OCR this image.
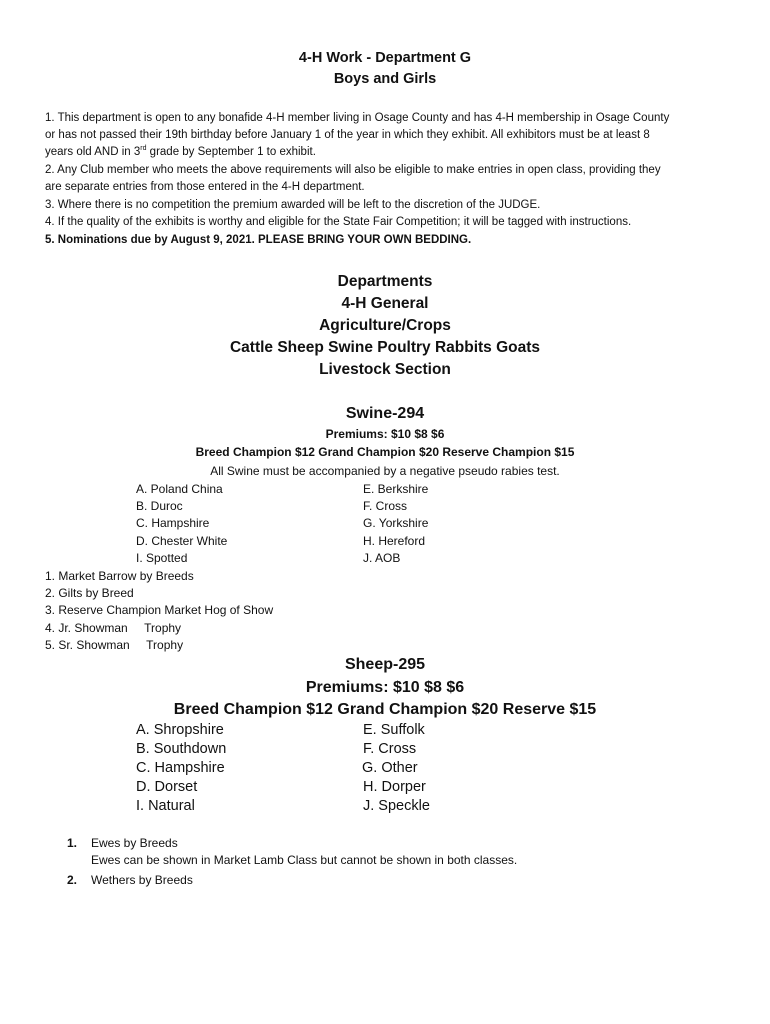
4-H Work - Department G
Boys and Girls
1. This department is open to any bonafide 4-H member living in Osage County and has 4-H membership in Osage County
or has not passed their 19th birthday before January 1 of the year in which they exhibit. All exhibitors must be at least 8
years old AND in 3rd grade by September 1 to exhibit.
2. Any Club member who meets the above requirements will also be eligible to make entries in open class, providing they
are separate entries from those entered in the 4-H department.
3. Where there is no competition the premium awarded will be left to the discretion of the JUDGE.
4. If the quality of the exhibits is worthy and eligible for the State Fair Competition; it will be tagged with instructions.
5. Nominations due by August 9, 2021. PLEASE BRING YOUR OWN BEDDING.
Departments
4-H General
Agriculture/Crops
Cattle Sheep Swine Poultry Rabbits Goats
Livestock Section
Swine-294
Premiums: $10 $8 $6
Breed Champion $12 Grand Champion $20 Reserve Champion $15
All Swine must be accompanied by a negative pseudo rabies test.
A. Poland China
B. Duroc
C. Hampshire
D. Chester White
I. Spotted
E. Berkshire
F. Cross
G. Yorkshire
H. Hereford
J. AOB
1. Market Barrow by Breeds
2. Gilts by Breed
3. Reserve Champion Market Hog of Show
4. Jr. Showman     Trophy
5. Sr. Showman     Trophy
Sheep-295
Premiums: $10 $8 $6
Breed Champion $12 Grand Champion $20 Reserve $15
A. Shropshire
B. Southdown
C. Hampshire
D. Dorset
I. Natural
E. Suffolk
F. Cross
G. Other
H. Dorper
J. Speckle
1. Ewes by Breeds
Ewes can be shown in Market Lamb Class but cannot be shown in both classes.
2. Wethers by Breeds
